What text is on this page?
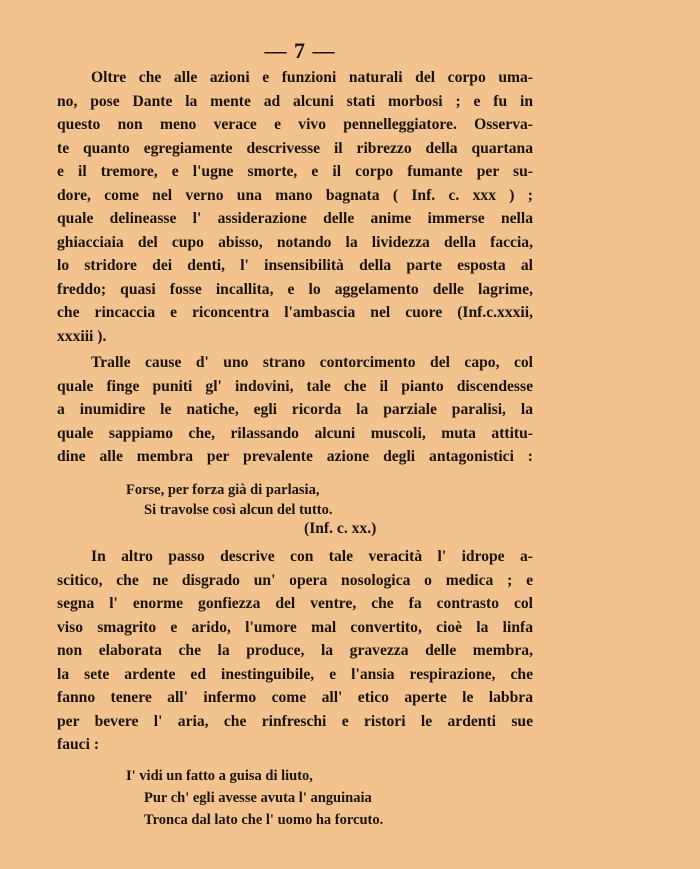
— 7 —
Oltre che alle azioni e funzioni naturali del corpo uma-
no, pose Dante la mente ad alcuni stati morbosi ; e fu in
questo non meno verace e vivo pennelleggiatore. Osserva-
te quanto egregiamente descrivesse il ribrezzo della quartana
e il tremore, e l'ugne smorte, e il corpo fumante per su-
dore, come nel verno una mano bagnata ( Inf. c. xxx ) ;
quale delineasse l' assiderazione delle anime immerse nella
ghiacciaia del cupo abisso, notando la lividezza della faccia,
lo stridore dei denti, l' insensibilità della parte esposta al
freddo; quasi fosse incallita, e lo aggelamento delle lagrime,
che rincaccia e riconcentra l'ambascia nel cuore (Inf.c.xxxii,
xxxiii ).
Tralle cause d' uno strano contorcimento del capo, col
quale finge puniti gl' indovini, tale che il pianto discendesse
a inumidire le natiche, egli ricorda la parziale paralisi, la
quale sappiamo che, rilassando alcuni muscoli, muta attitu-
dine alle membra per prevalente azione degli antagonistici :
Forse, per forza già di parlasia,
Si travolse così alcun del tutto.
(Inf. c. xx.)
In altro passo descrive con tale veracità l' idrope a-
scitico, che ne disgrado un' opera nosologica o medica ; e
segna l' enorme gonfiezza del ventre, che fa contrasto col
viso smagrito e arido, l'umore mal convertito, cioè la linfa
non elaborata che la produce, la gravezza delle membra,
la sete ardente ed inestinguibile, e l'ansia respirazione, che
fanno tenere all' infermo come all' etico aperte le labbra
per bevere l' aria, che rinfreschi e ristori le ardenti sue
fauci :
I' vidi un fatto a guisa di liuto,
Pur ch' egli avesse avuta l' anguinaia
Tronca dal lato che l' uomo ha forcuto.
